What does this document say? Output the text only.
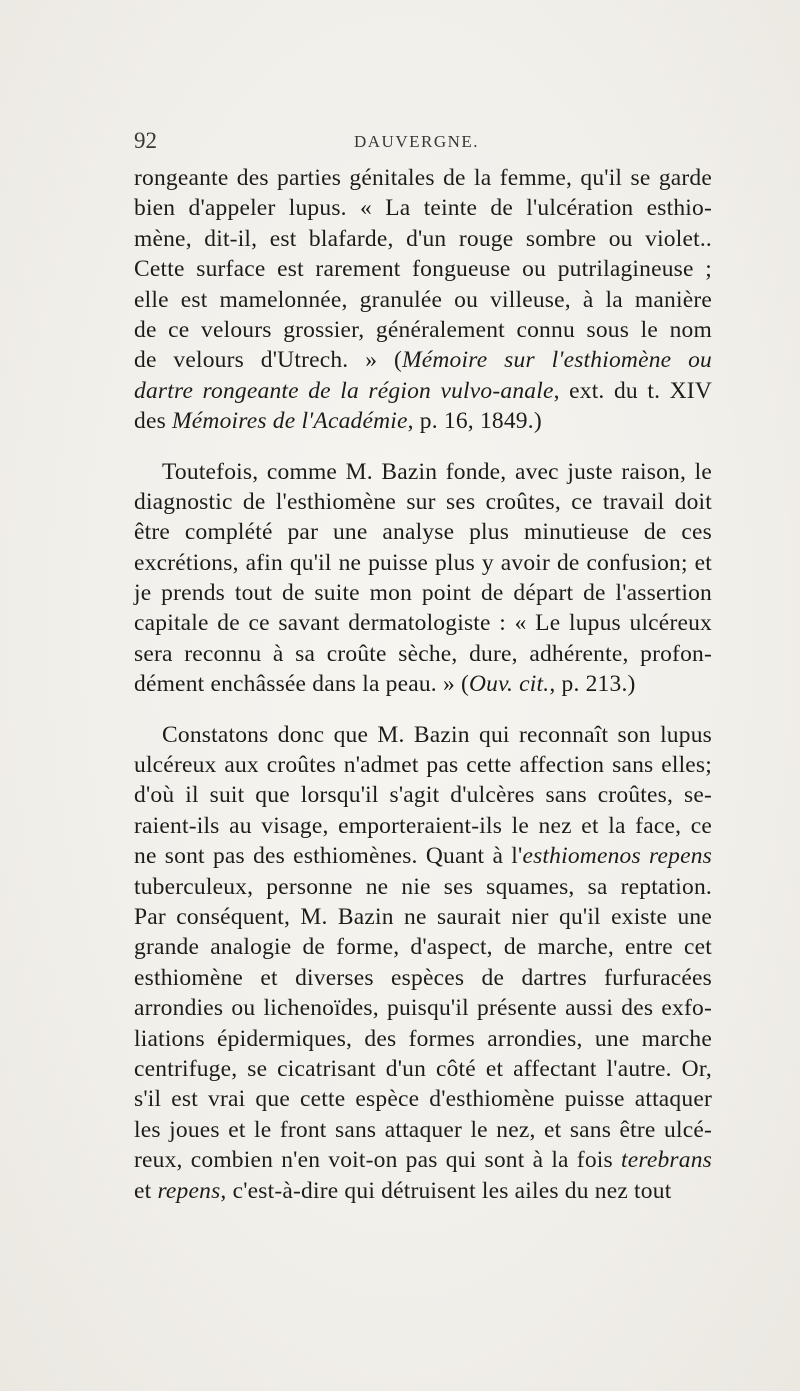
92	DAUVERGNE.
rongeante des parties génitales de la femme, qu'il se garde
bien d'appeler lupus. « La teinte de l'ulcération esthio-
mène, dit-il, est blafarde, d'un rouge sombre ou violet..
Cette surface est rarement fongueuse ou putrilagineuse ;
elle est mamelonnée, granulée ou villeuse, à la manière
de ce velours grossier, généralement connu sous le nom
de velours d'Utrech. » (Mémoire sur l'esthiomène ou
dartre rongeante de la région vulvo-anale, ext. du t. XIV
des Mémoires de l'Académie, p. 16, 1849.)
Toutefois, comme M. Bazin fonde, avec juste raison, le
diagnostic de l'esthiomène sur ses croûtes, ce travail doit
être complété par une analyse plus minutieuse de ces
excrétions, afin qu'il ne puisse plus y avoir de confusion; et
je prends tout de suite mon point de départ de l'assertion
capitale de ce savant dermatologiste : « Le lupus ulcéreux
sera reconnu à sa croûte sèche, dure, adhérente, profon-
dément enchâssée dans la peau. » (Ouv. cit., p. 213.)
Constatons donc que M. Bazin qui reconnaît son lupus
ulcéreux aux croûtes n'admet pas cette affection sans elles;
d'où il suit que lorsqu'il s'agit d'ulcères sans croûtes, se-
raient-ils au visage, emporteraient-ils le nez et la face, ce
ne sont pas des esthiomènes. Quant à l'esthiomenos repens
tuberculeux, personne ne nie ses squames, sa reptation.
Par conséquent, M. Bazin ne saurait nier qu'il existe une
grande analogie de forme, d'aspect, de marche, entre cet
esthiomène et diverses espèces de dartres furfuracées
arrondies ou lichenoïdes, puisqu'il présente aussi des exfo-
liations épidermiques, des formes arrondies, une marche
centrifuge, se cicatrisant d'un côté et affectant l'autre. Or,
s'il est vrai que cette espèce d'esthiomène puisse attaquer
les joues et le front sans attaquer le nez, et sans être ulcé-
reux, combien n'en voit-on pas qui sont à la fois terebrans
et repens, c'est-à-dire qui détruisent les ailes du nez tout
